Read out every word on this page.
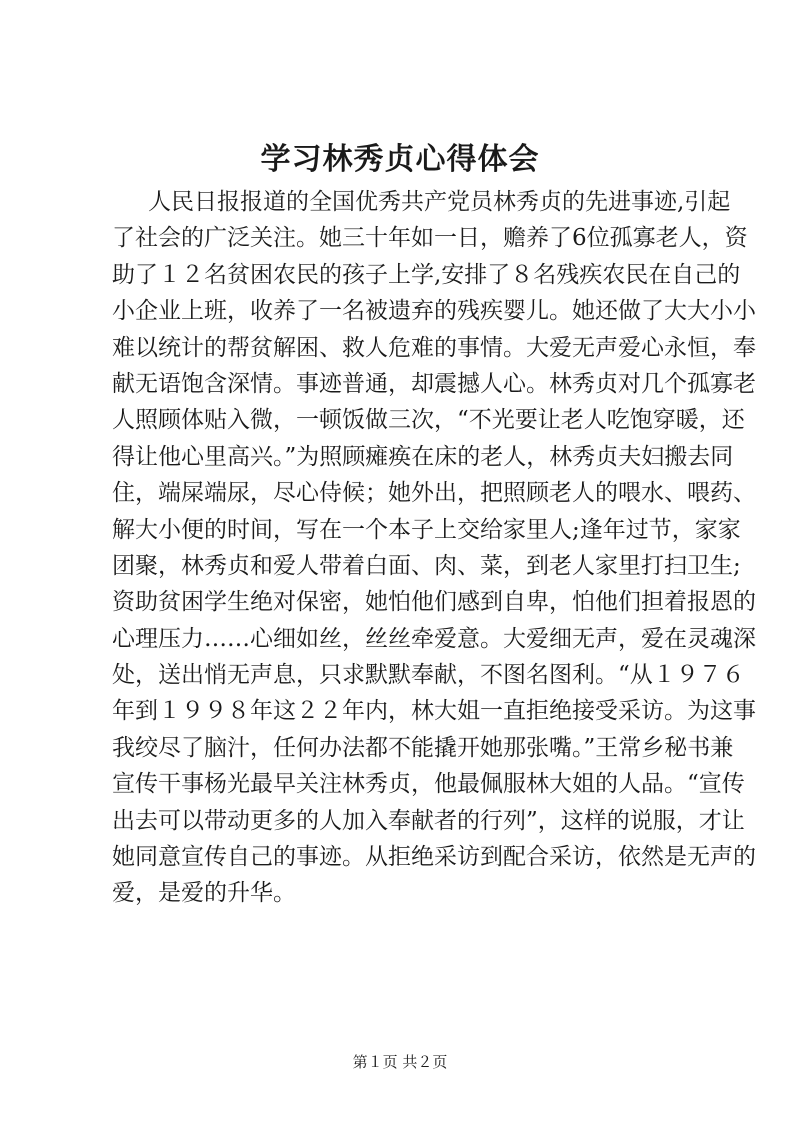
学习林秀贞心得体会
人民日报报道的全国优秀共产党员林秀贞的先进事迹,引起
了社会的广泛关注。她三十年如一日，赡养了6位孤寡老人，资
助了１２名贫困农民的孩子上学,安排了８名残疾农民在自己的
小企业上班，收养了一名被遗弃的残疾婴儿。她还做了大大小小
难以统计的帮贫解困、救人危难的事情。大爱无声爱心永恒，奉
献无语饱含深情。事迹普通，却震撼人心。林秀贞对几个孤寡老
人照顾体贴入微，一顿饭做三次，“不光要让老人吃饱穿暖，还
得让他心里高兴。”为照顾瘫痪在床的老人，林秀贞夫妇搬去同
住，端屎端尿，尽心侍候；她外出，把照顾老人的喂水、喂药、
解大小便的时间，写在一个本子上交给家里人;逢年过节，家家
团聚，林秀贞和爱人带着白面、肉、菜，到老人家里打扫卫生;
资助贫困学生绝对保密，她怕他们感到自卑，怕他们担着报恩的
心理压力……心细如丝，丝丝牵爱意。大爱细无声，爱在灵魂深
处，送出悄无声息，只求默默奉献，不图名图利。“从１９７６
年到１９９８年这２２年内，林大姐一直拒绝接受采访。为这事
我绞尽了脑汁，任何办法都不能撬开她那张嘴。”王常乡秘书兼
宣传干事杨光最早关注林秀贞，他最佩服林大姐的人品。“宣传
出去可以带动更多的人加入奉献者的行列”，这样的说服，才让
她同意宣传自己的事迹。从拒绝采访到配合采访，依然是无声的
爱，是爱的升华。
第１页 共２页
